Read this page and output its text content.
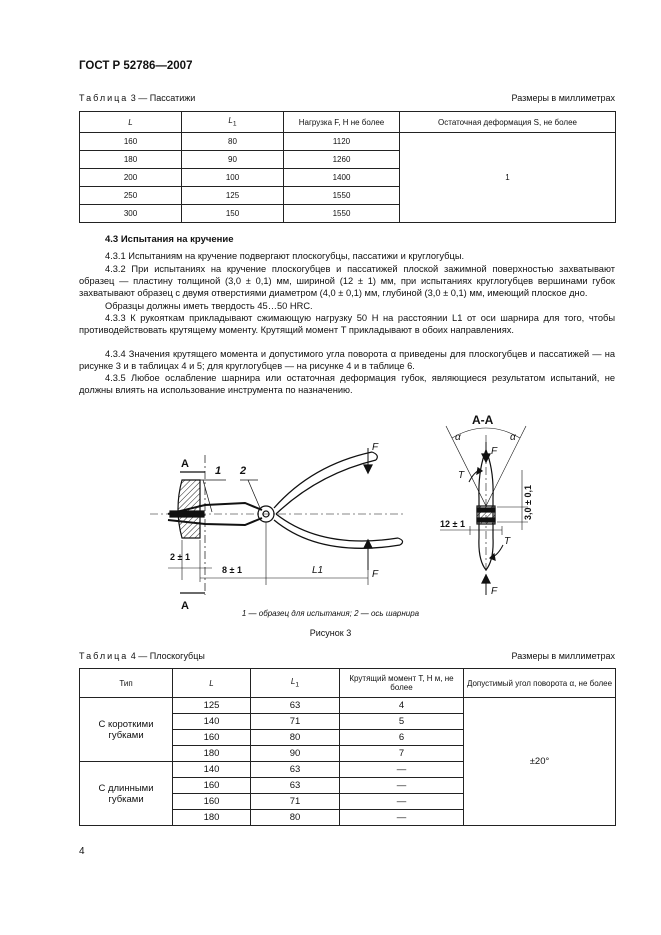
ГОСТ Р 52786—2007
Таблица 3 — Пассатижи	Размеры в миллиметрах
L	$L_1$	Нагрузка F, Н не более	Остаточная деформация S, не более
160	80	1120	1
180	90	1260	
200	100	1400	
250	125	1550	
300	150	1550	
4.3 Испытания на кручение
4.3.1 Испытаниям на кручение подвергают плоскогубцы, пассатижи и круглогубцы.
4.3.2 При испытаниях на кручение плоскогубцев и пассатижей плоской зажимной поверхностью захватывают образец — пластину толщиной (3,0 ± 0,1) мм, шириной (12 ± 1) мм, при испытаниях круглогубцев вершинами губок захватывают образец с двумя отверстиями диаметром (4,0 ± 0,1) мм, глубиной (3,0 ± 0,1) мм, имеющий плоское дно.
Образцы должны иметь твердость 45…50 HRC.
4.3.3 К рукояткам прикладывают сжимающую нагрузку 50 Н на расстоянии L1 от оси шарнира для того, чтобы противодействовать крутящему моменту. Крутящий момент T прикладывают в обоих направлениях.
4.3.4 Значения крутящего момента и допустимого угла поворота α приведены для плоскогубцев и пассатижей — на рисунке 3 и в таблицах 4 и 5; для круглогубцев — на рисунке 4 и в таблице 6.
4.3.5 Любое ослабление шарнира или остаточная деформация губок, являющиеся результатом испытаний, не должны влиять на использование инструмента по назначению.
А
А
1 2
F
F
2 ± 1
8 ± 1	L1
А-А
α	α
T
T
F
F
12 ± 1
3,0 ± 0,1
1 — образец для испытания; 2 — ось шарнира
Рисунок 3
Таблица 4 — Плоскогубцы	Размеры в миллиметрах
Тип	L	$L_1$	Крутящий момент T, Н м, не более	Допустимый угол поворота α, не более
С короткими губками	125	63	4	±20°
	140	71	5	
	160	80	6	
	180	90	7	
С длинными губками	140	63	—	
	160	63	—	
	160	71	—	
	180	80	—	
4
